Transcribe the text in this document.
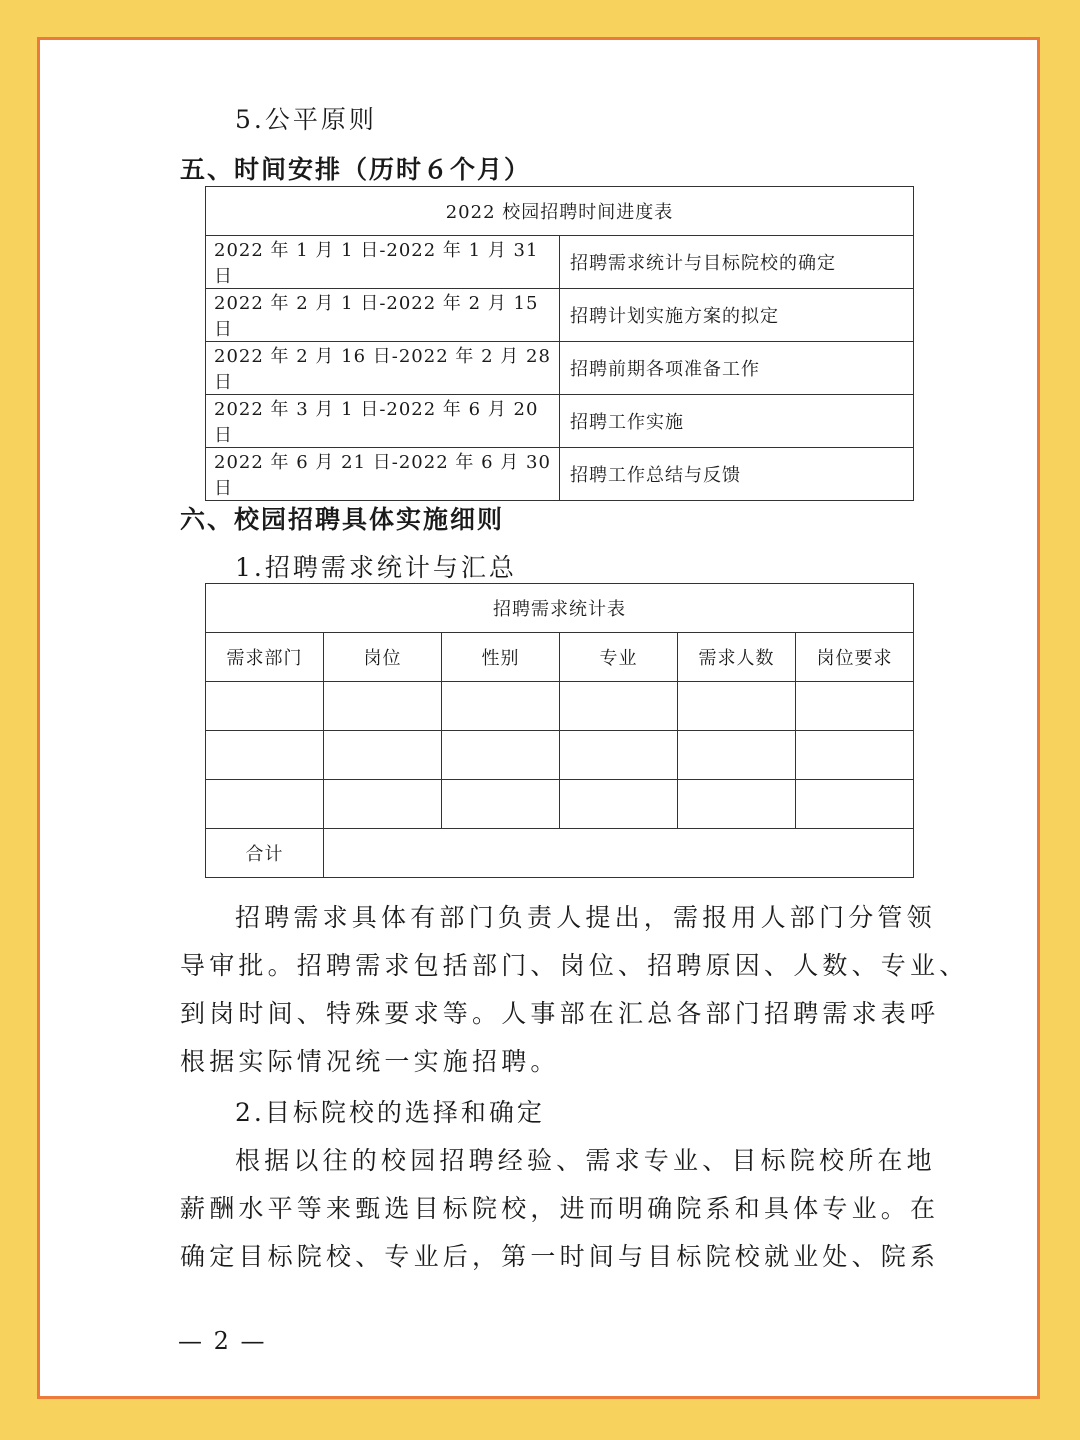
5.公平原则
五、时间安排（历时６个月）
2022 校园招聘时间进度表	
2022 年 1 月 1 日-2022 年 1 月 31 日	招聘需求统计与目标院校的确定
2022 年 2 月 1 日-2022 年 2 月 15 日	招聘计划实施方案的拟定
2022 年 2 月 16 日-2022 年 2 月 28 日	招聘前期各项准备工作
2022 年 3 月 1 日-2022 年 6 月 20 日	招聘工作实施
2022 年 6 月 21 日-2022 年 6 月 30 日	招聘工作总结与反馈
六、校园招聘具体实施细则
1.招聘需求统计与汇总
招聘需求统计表					
需求部门	岗位	性别	专业	需求人数	岗位要求

合计					
招聘需求具体有部门负责人提出，需报用人部门分管领
导审批。招聘需求包括部门、岗位、招聘原因、人数、专业、
到岗时间、特殊要求等。人事部在汇总各部门招聘需求表呼
根据实际情况统一实施招聘。
2.目标院校的选择和确定
根据以往的校园招聘经验、需求专业、目标院校所在地
薪酬水平等来甄选目标院校，进而明确院系和具体专业。在
确定目标院校、专业后，第一时间与目标院校就业处、院系
— 2 —
